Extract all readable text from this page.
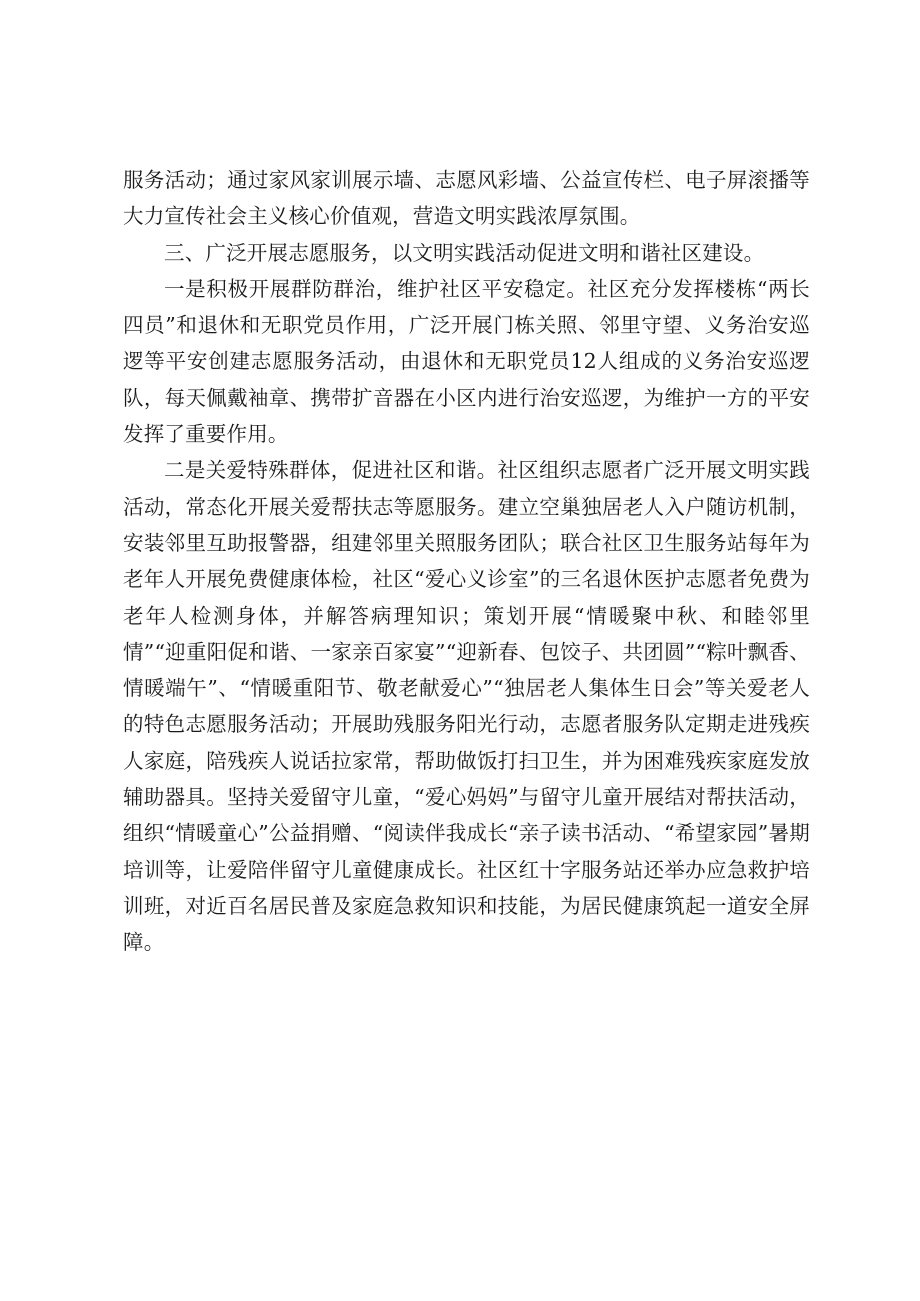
服务活动；通过家风家训展示墙、志愿风彩墙、公益宣传栏、电子屏滚播等大力宣传社会主义核心价值观，营造文明实践浓厚氛围。

三、广泛开展志愿服务，以文明实践活动促进文明和谐社区建设。

一是积极开展群防群治，维护社区平安稳定。社区充分发挥楼栋“两长四员”和退休和无职党员作用，广泛开展门栋关照、邻里守望、义务治安巡逻等平安创建志愿服务活动，由退休和无职党员12人组成的义务治安巡逻队，每天佩戴袖章、携带扩音器在小区内进行治安巡逻，为维护一方的平安发挥了重要作用。

二是关爱特殊群体，促进社区和谐。社区组织志愿者广泛开展文明实践活动，常态化开展关爱帮扶志等愿服务。建立空巢独居老人入户随访机制，安装邻里互助报警器，组建邻里关照服务团队；联合社区卫生服务站每年为老年人开展免费健康体检，社区“爱心义诊室”的三名退休医护志愿者免费为老年人检测身体，并解答病理知识；策划开展“情暖聚中秋、和睦邻里情”“迎重阳促和谐、一家亲百家宴”“迎新春、包饺子、共团圆”“粽叶飘香、情暖端午”、“情暖重阳节、敬老献爱心”“独居老人集体生日会”等关爱老人的特色志愿服务活动；开展助残服务阳光行动，志愿者服务队定期走进残疾人家庭，陪残疾人说话拉家常，帮助做饭打扫卫生，并为困难残疾家庭发放辅助器具。坚持关爱留守儿童，“爱心妈妈”与留守儿童开展结对帮扶活动，组织“情暖童心”公益捐赠、“阅读伴我成长“亲子读书活动、“希望家园”暑期培训等，让爱陪伴留守儿童健康成长。社区红十字服务站还举办应急救护培训班，对近百名居民普及家庭急救知识和技能，为居民健康筑起一道安全屏障。
